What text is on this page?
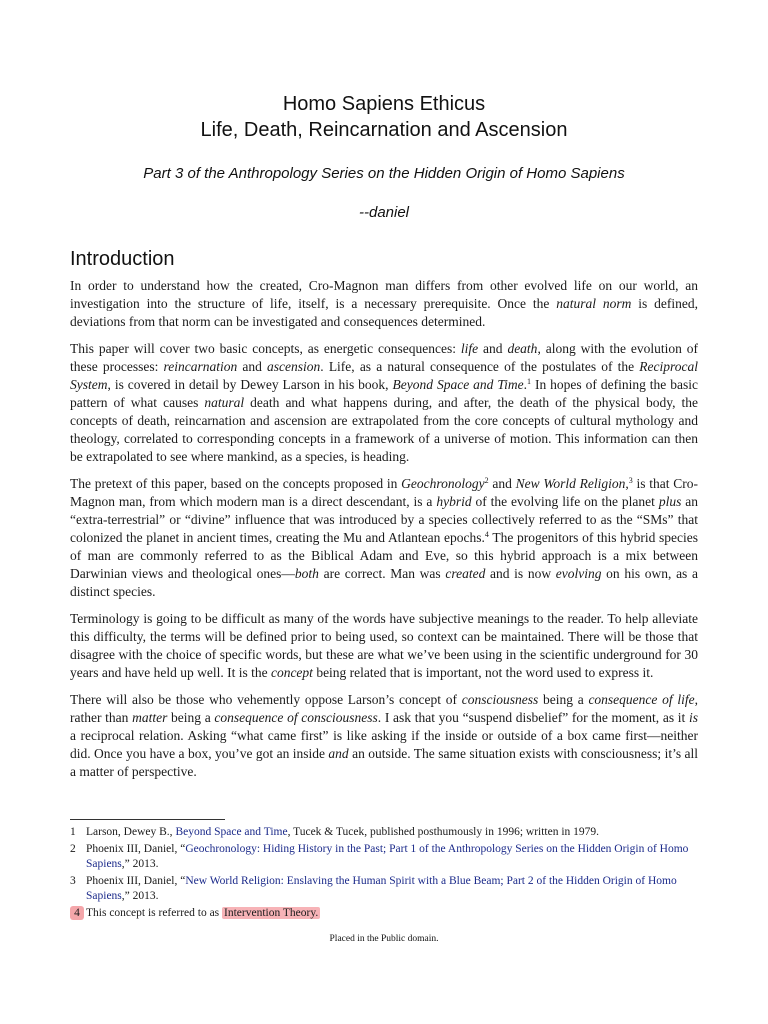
Homo Sapiens Ethicus
Life, Death, Reincarnation and Ascension
Part 3 of the Anthropology Series on the Hidden Origin of Homo Sapiens
--daniel
Introduction

In order to understand how the created, Cro-Magnon man differs from other evolved life on our world, an investigation into the structure of life, itself, is a necessary prerequisite. Once the natural norm is defined, deviations from that norm can be investigated and consequences determined.

This paper will cover two basic concepts, as energetic consequences: life and death, along with the evolution of these processes: reincarnation and ascension. Life, as a natural consequence of the postulates of the Reciprocal System, is covered in detail by Dewey Larson in his book, Beyond Space and Time.$^1$ In hopes of defining the basic pattern of what causes natural death and what happens during, and after, the death of the physical body, the concepts of death, reincarnation and ascension are extrapolated from the core concepts of cultural mythology and theology, correlated to corresponding concepts in a framework of a universe of motion. This information can then be extrapolated to see where mankind, as a species, is heading.

The pretext of this paper, based on the concepts proposed in Geochronology$^2$ and New World Religion,$^3$ is that Cro-Magnon man, from which modern man is a direct descendant, is a hybrid of the evolving life on the planet plus an “extra-terrestrial” or “divine” influence that was introduced by a species collectively referred to as the “SMs” that colonized the planet in ancient times, creating the Mu and Atlantean epochs.$^4$ The progenitors of this hybrid species of man are commonly referred to as the Biblical Adam and Eve, so this hybrid approach is a mix between Darwinian views and theological ones—both are correct. Man was created and is now evolving on his own, as a distinct species.

Terminology is going to be difficult as many of the words have subjective meanings to the reader. To help alleviate this difficulty, the terms will be defined prior to being used, so context can be maintained. There will be those that disagree with the choice of specific words, but these are what we’ve been using in the scientific underground for 30 years and have held up well. It is the concept being related that is important, not the word used to express it.

There will also be those who vehemently oppose Larson’s concept of consciousness being a consequence of life, rather than matter being a consequence of consciousness. I ask that you “suspend disbelief” for the moment, as it is a reciprocal relation. Asking “what came first” is like asking if the inside or outside of a box came first—neither did. Once you have a box, you’ve got an inside and an outside. The same situation exists with consciousness; it’s all a matter of perspective.

1 Larson, Dewey B., Beyond Space and Time, Tucek & Tucek, published posthumously in 1996; written in 1979.
2 Phoenix III, Daniel, “Geochronology: Hiding History in the Past; Part 1 of the Anthropology Series on the Hidden Origin of Homo Sapiens,” 2013.
3 Phoenix III, Daniel, “New World Religion: Enslaving the Human Spirit with a Blue Beam; Part 2 of the Hidden Origin of Homo Sapiens,” 2013.
4 This concept is referred to as Intervention Theory.
Placed in the Public domain.
